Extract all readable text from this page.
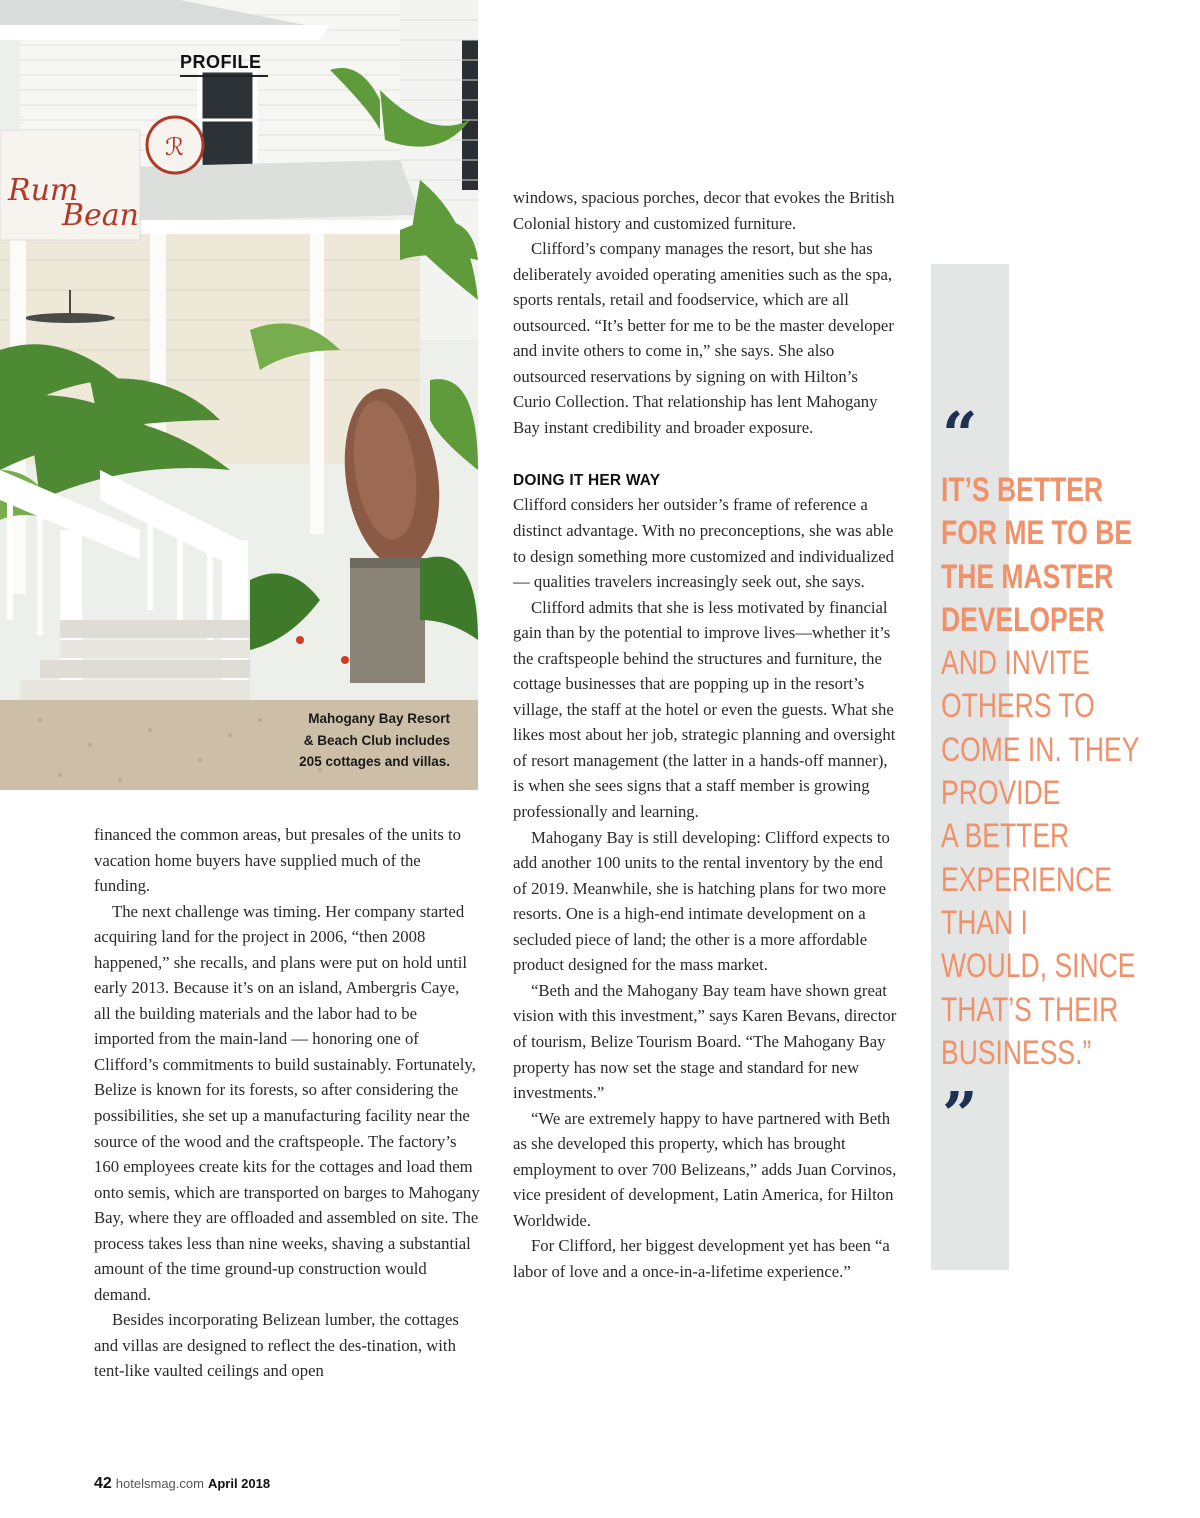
Rum
Bean
ℛ
PROFILE
Mahogany Bay Resort
& Beach Club includes
205 cottages and villas.

financed the common areas, but presales of the units to vacation home buyers have supplied much of the funding.

The next challenge was timing. Her company started acquiring land for the project in 2006, “then 2008 happened,” she recalls, and plans were put on hold until early 2013. Because it’s on an island, Ambergris Caye, all the building materials and the labor had to be imported from the main-land — honoring one of Clifford’s commitments to build sustainably. Fortunately, Belize is known for its forests, so after considering the possibilities, she set up a manufacturing facility near the source of the wood and the craftspeople. The factory’s 160 employees create kits for the cottages and load them onto semis, which are transported on barges to Mahogany Bay, where they are offloaded and assembled on site. The process takes less than nine weeks, shaving a substantial amount of the time ground-up construction would demand.

Besides incorporating Belizean lumber, the cottages and villas are designed to reflect the des-tination, with tent-like vaulted ceilings and open

windows, spacious porches, decor that evokes the British Colonial history and customized furniture.

Clifford’s company manages the resort, but she has deliberately avoided operating amenities such as the spa, sports rentals, retail and foodservice, which are all outsourced. “It’s better for me to be the master developer and invite others to come in,” she says. She also outsourced reservations by signing on with Hilton’s Curio Collection. That relationship has lent Mahogany Bay instant credibility and broader exposure.

DOING IT HER WAY

Clifford considers her outsider’s frame of reference a distinct advantage. With no preconceptions, she was able to design something more customized and individualized — qualities travelers increasingly seek out, she says.

Clifford admits that she is less motivated by financial gain than by the potential to improve lives—whether it’s the craftspeople behind the structures and furniture, the cottage businesses that are popping up in the resort’s village, the staff at the hotel or even the guests. What she likes most about her job, strategic planning and oversight of resort management (the latter in a hands-off manner), is when she sees signs that a staff member is growing professionally and learning.

Mahogany Bay is still developing: Clifford expects to add another 100 units to the rental inventory by the end of 2019. Meanwhile, she is hatching plans for two more resorts. One is a high-end intimate development on a secluded piece of land; the other is a more affordable product designed for the mass market.

“Beth and the Mahogany Bay team have shown great vision with this investment,” says Karen Bevans, director of tourism, Belize Tourism Board. “The Mahogany Bay property has now set the stage and standard for new investments.”

“We are extremely happy to have partnered with Beth as she developed this property, which has brought employment to over 700 Belizeans,” adds Juan Corvinos, vice president of development, Latin America, for Hilton Worldwide.

For Clifford, her biggest development yet has been “a labor of love and a once-in-a-lifetime experience.”

“
IT’S BETTER
FOR ME TO BE
THE MASTER
DEVELOPER
AND INVITE
OTHERS TO
COME IN. THEY
PROVIDE
A BETTER
EXPERIENCE
THAN I
WOULD, SINCE
THAT’S THEIR
BUSINESS.”
”
42 hotelsmag.com April 2018
